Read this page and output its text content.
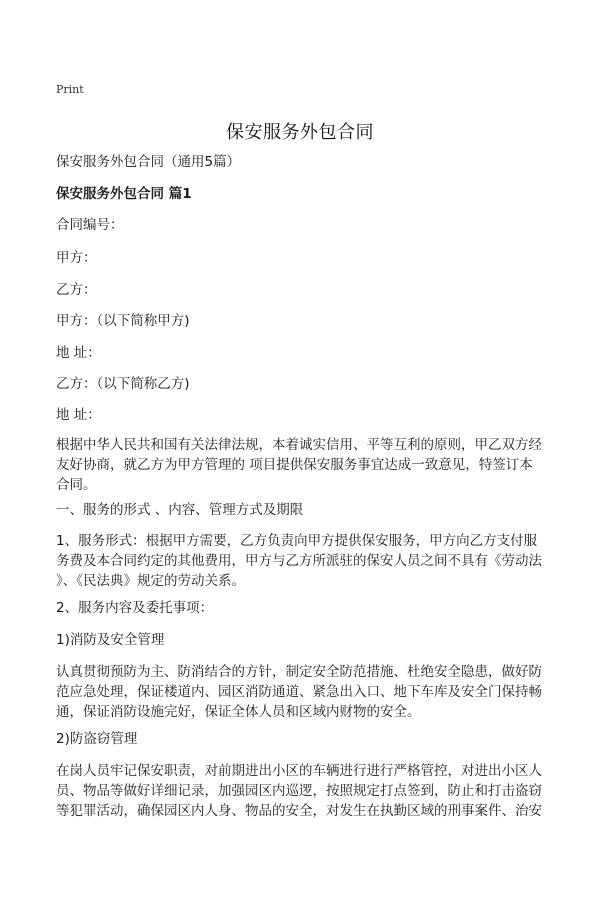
Print
保安服务外包合同
保安服务外包合同（通用5篇）
保安服务外包合同 篇1
合同编号：
甲方：
乙方：
甲方：（以下简称甲方)
地 址：
乙方：（以下简称乙方)
地 址：
根据中华人民共和国有关法律法规，本着诚实信用、平等互利的原则，甲乙双方经
友好协商，就乙方为甲方管理的 项目提供保安服务事宜达成一致意见，特签订本
合同。
一、服务的形式 、内容、管理方式及期限
1、服务形式：根据甲方需要，乙方负责向甲方提供保安服务，甲方向乙方支付服
务费及本合同约定的其他费用，甲方与乙方所派驻的保安人员之间不具有《劳动法
》、《民法典》规定的劳动关系。
2、服务内容及委托事项：
1)消防及安全管理
认真贯彻预防为主、防消结合的方针，制定安全防范措施、杜绝安全隐患，做好防
范应急处理，保证楼道内、园区消防通道、紧急出入口、地下车库及安全门保持畅
通，保证消防设施完好，保证全体人员和区域内财物的安全。
2)防盗窃管理
在岗人员牢记保安职责，对前期进出小区的车辆进行进行严格管控，对进出小区人
员、物品等做好详细记录，加强园区内巡逻，按照规定打点签到，防止和打击盗窃
等犯罪活动，确保园区内人身、物品的安全，对发生在执勤区域的刑事案件、治安
